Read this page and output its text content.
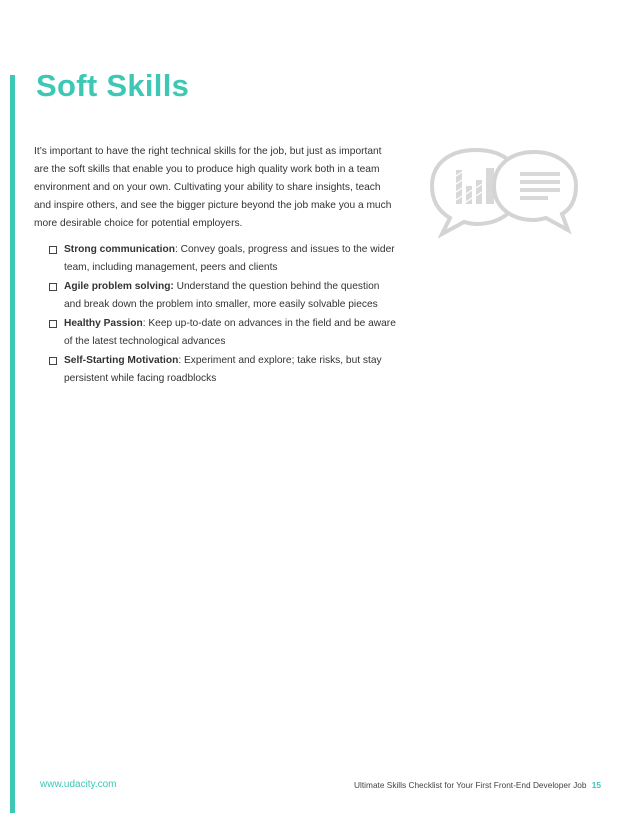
Soft Skills

It’s important to have the right technical skills for the job, but just as important are the soft skills that enable you to produce high quality work both in a team environment and on your own. Cultivating your ability to share insights, teach and inspire others, and see the bigger picture beyond the job make you a much more desirable choice for potential employers.

Strong communication: Convey goals, progress and issues to the wider team, including management, peers and clients
Agile problem solving: Understand the question behind the question and break down the problem into smaller, more easily solvable pieces
Healthy Passion: Keep up-to-date on advances in the field and be aware of the latest technological advances
Self-Starting Motivation: Experiment and explore; take risks, but stay persistent while facing roadblocks
www.udacity.com	Ultimate Skills Checklist for Your First Front-End Developer Job 15
